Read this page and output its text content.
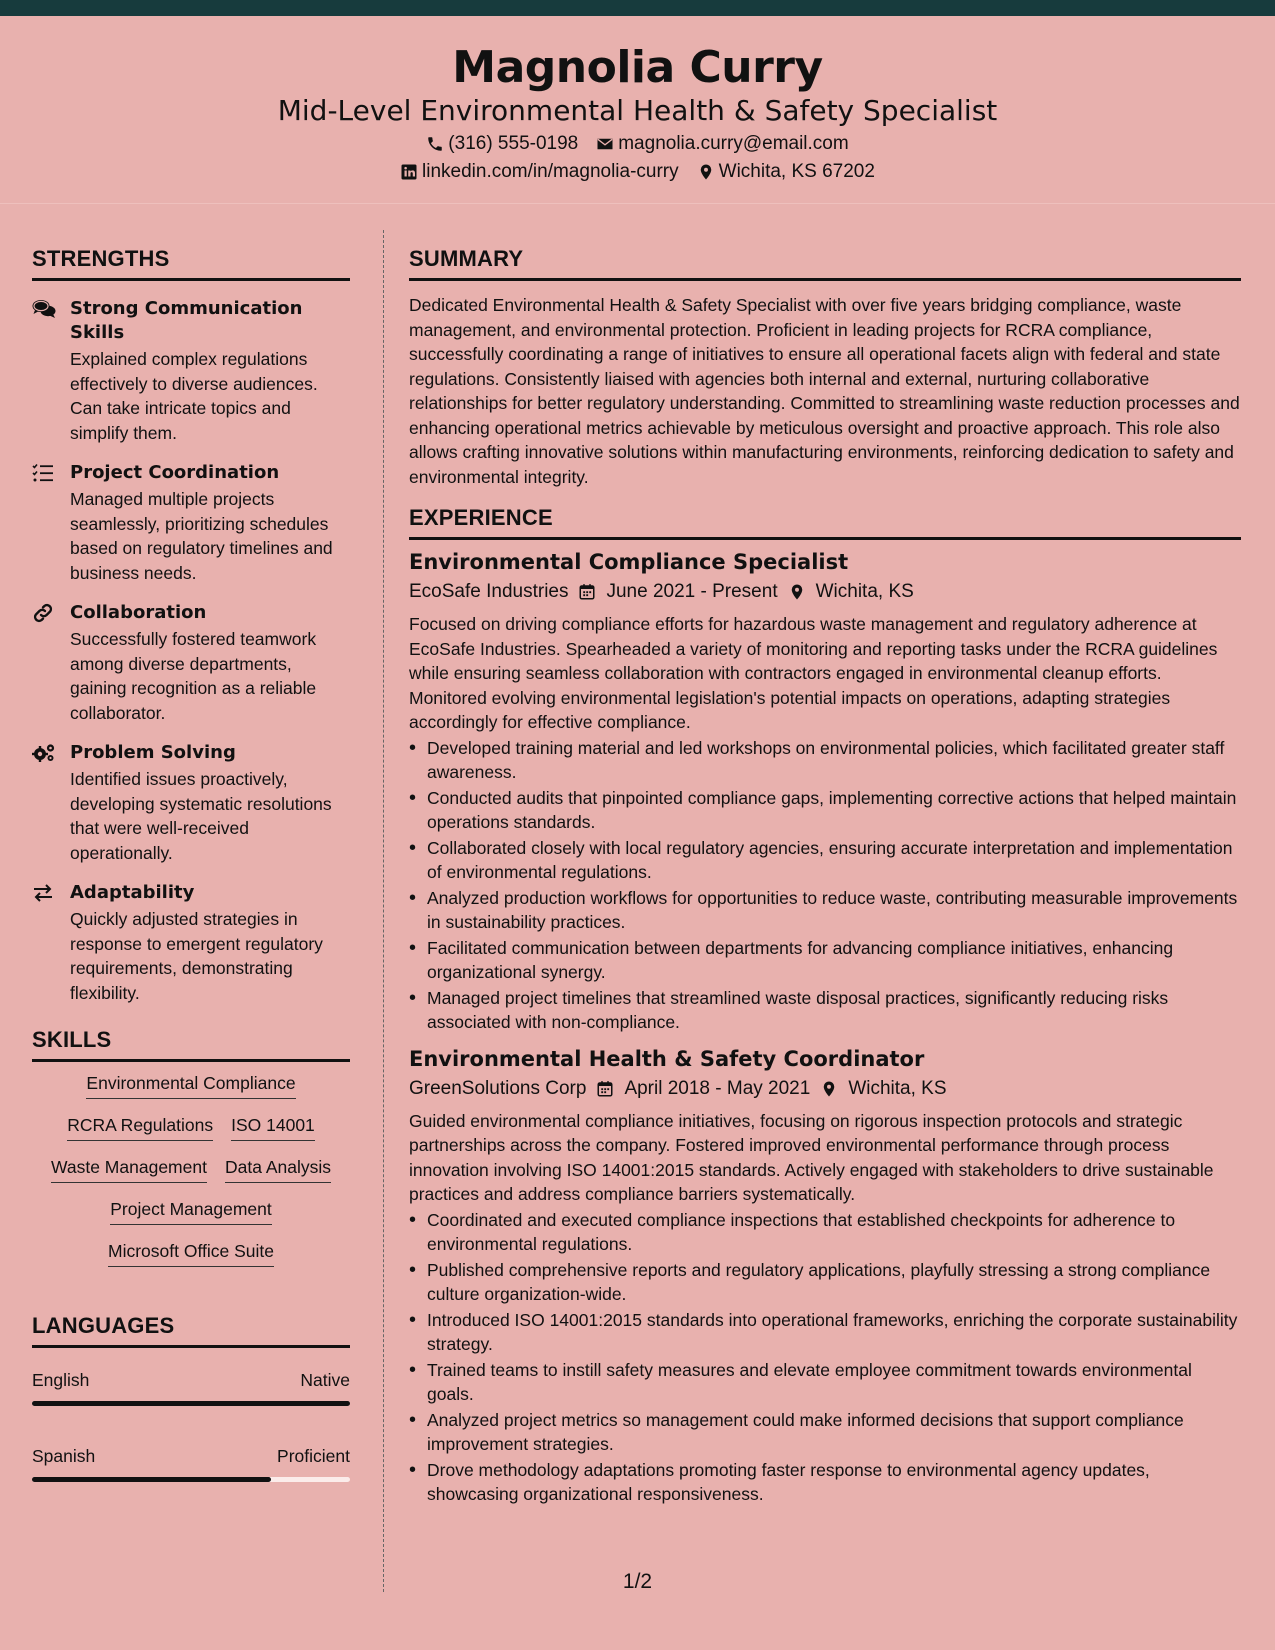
Magnolia Curry
Mid-Level Environmental Health & Safety Specialist
(316) 555-0198 magnolia.curry@email.com
linkedin.com/in/magnolia-curry Wichita, KS 67202
STRENGTHS
Strong Communication Skills
Explained complex regulations effectively to diverse audiences. Can take intricate topics and simplify them.
Project Coordination
Managed multiple projects seamlessly, prioritizing schedules based on regulatory timelines and business needs.
Collaboration
Successfully fostered teamwork among diverse departments, gaining recognition as a reliable collaborator.
Problem Solving
Identified issues proactively, developing systematic resolutions that were well-received operationally.
Adaptability
Quickly adjusted strategies in response to emergent regulatory requirements, demonstrating flexibility.
SKILLS
Environmental Compliance
RCRA Regulations ISO 14001
Waste Management Data Analysis
Project Management
Microsoft Office Suite
LANGUAGES
English	Native
Spanish	Proficient
SUMMARY
Dedicated Environmental Health & Safety Specialist with over five years bridging compliance, waste management, and environmental protection. Proficient in leading projects for RCRA compliance, successfully coordinating a range of initiatives to ensure all operational facets align with federal and state regulations. Consistently liaised with agencies both internal and external, nurturing collaborative relationships for better regulatory understanding. Committed to streamlining waste reduction processes and enhancing operational metrics achievable by meticulous oversight and proactive approach. This role also allows crafting innovative solutions within manufacturing environments, reinforcing dedication to safety and environmental integrity.
EXPERIENCE
Environmental Compliance Specialist
EcoSafe Industries June 2021 - Present Wichita, KS
Focused on driving compliance efforts for hazardous waste management and regulatory adherence at EcoSafe Industries. Spearheaded a variety of monitoring and reporting tasks under the RCRA guidelines while ensuring seamless collaboration with contractors engaged in environmental cleanup efforts. Monitored evolving environmental legislation's potential impacts on operations, adapting strategies accordingly for effective compliance.
• Developed training material and led workshops on environmental policies, which facilitated greater staff awareness.
• Conducted audits that pinpointed compliance gaps, implementing corrective actions that helped maintain operations standards.
• Collaborated closely with local regulatory agencies, ensuring accurate interpretation and implementation of environmental regulations.
• Analyzed production workflows for opportunities to reduce waste, contributing measurable improvements in sustainability practices.
• Facilitated communication between departments for advancing compliance initiatives, enhancing organizational synergy.
• Managed project timelines that streamlined waste disposal practices, significantly reducing risks associated with non-compliance.
Environmental Health & Safety Coordinator
GreenSolutions Corp April 2018 - May 2021 Wichita, KS
Guided environmental compliance initiatives, focusing on rigorous inspection protocols and strategic partnerships across the company. Fostered improved environmental performance through process innovation involving ISO 14001:2015 standards. Actively engaged with stakeholders to drive sustainable practices and address compliance barriers systematically.
• Coordinated and executed compliance inspections that established checkpoints for adherence to environmental regulations.
• Published comprehensive reports and regulatory applications, playfully stressing a strong compliance culture organization-wide.
• Introduced ISO 14001:2015 standards into operational frameworks, enriching the corporate sustainability strategy.
• Trained teams to instill safety measures and elevate employee commitment towards environmental goals.
• Analyzed project metrics so management could make informed decisions that support compliance improvement strategies.
• Drove methodology adaptations promoting faster response to environmental agency updates, showcasing organizational responsiveness.
1/2
